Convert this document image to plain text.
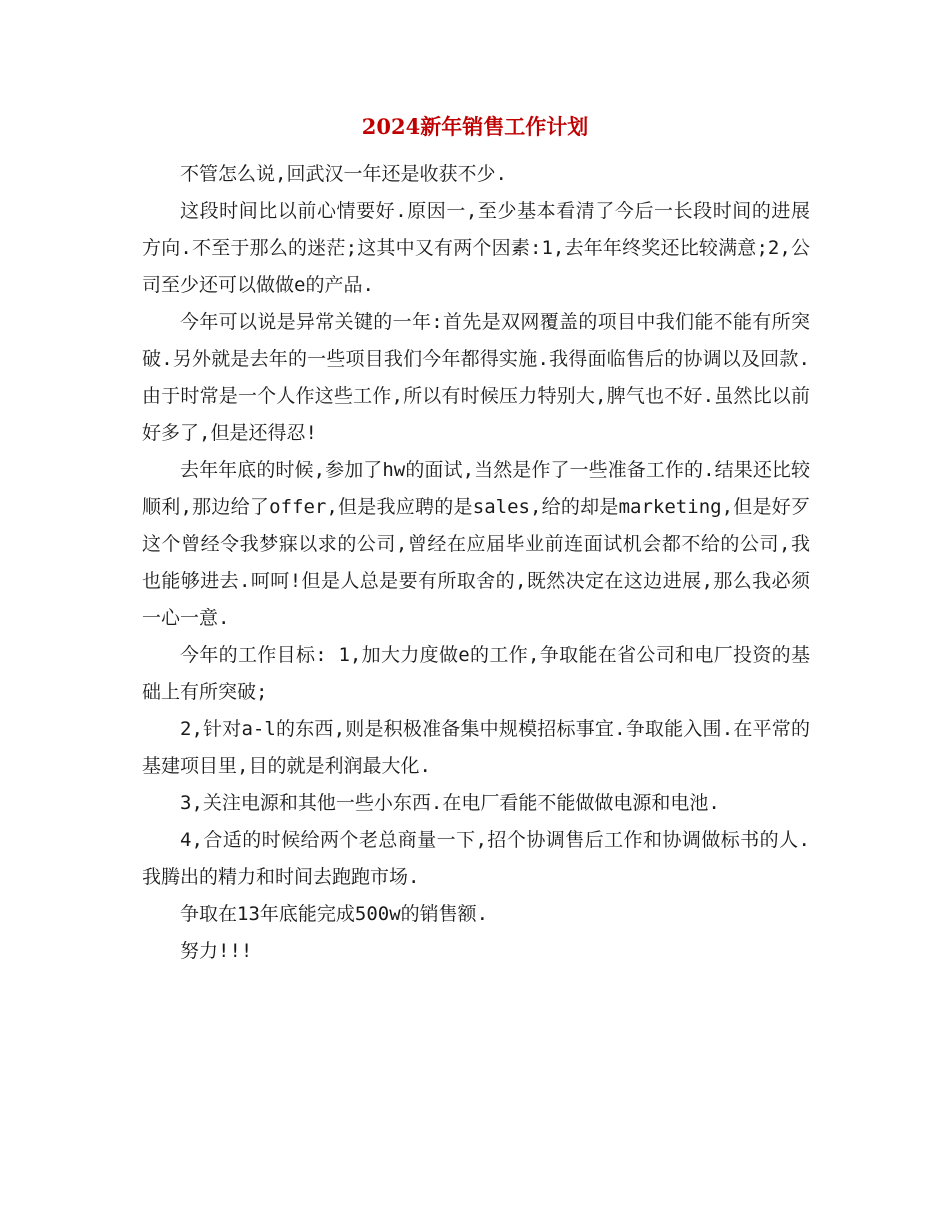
2024新年销售工作计划

不管怎么说,回武汉一年还是收获不少.

这段时间比以前心情要好.原因一,至少基本看清了今后一长段时间的进展方向.不至于那么的迷茫;这其中又有两个因素:1,去年年终奖还比较满意;2,公司至少还可以做做e的产品.

今年可以说是异常关键的一年:首先是双网覆盖的项目中我们能不能有所突破.另外就是去年的一些项目我们今年都得实施.我得面临售后的协调以及回款.由于时常是一个人作这些工作,所以有时候压力特别大,脾气也不好.虽然比以前好多了,但是还得忍!

去年年底的时候,参加了hw的面试,当然是作了一些准备工作的.结果还比较顺利,那边给了offer,但是我应聘的是sales,给的却是marketing,但是好歹这个曾经令我梦寐以求的公司,曾经在应届毕业前连面试机会都不给的公司,我也能够进去.呵呵!但是人总是要有所取舍的,既然决定在这边进展,那么我必须一心一意.

今年的工作目标: 1,加大力度做e的工作,争取能在省公司和电厂投资的基础上有所突破;

2,针对a-l的东西,则是积极准备集中规模招标事宜.争取能入围.在平常的基建项目里,目的就是利润最大化.

3,关注电源和其他一些小东西.在电厂看能不能做做电源和电池.

4,合适的时候给两个老总商量一下,招个协调售后工作和协调做标书的人.我腾出的精力和时间去跑跑市场.

争取在13年底能完成500w的销售额.

努力!!!
